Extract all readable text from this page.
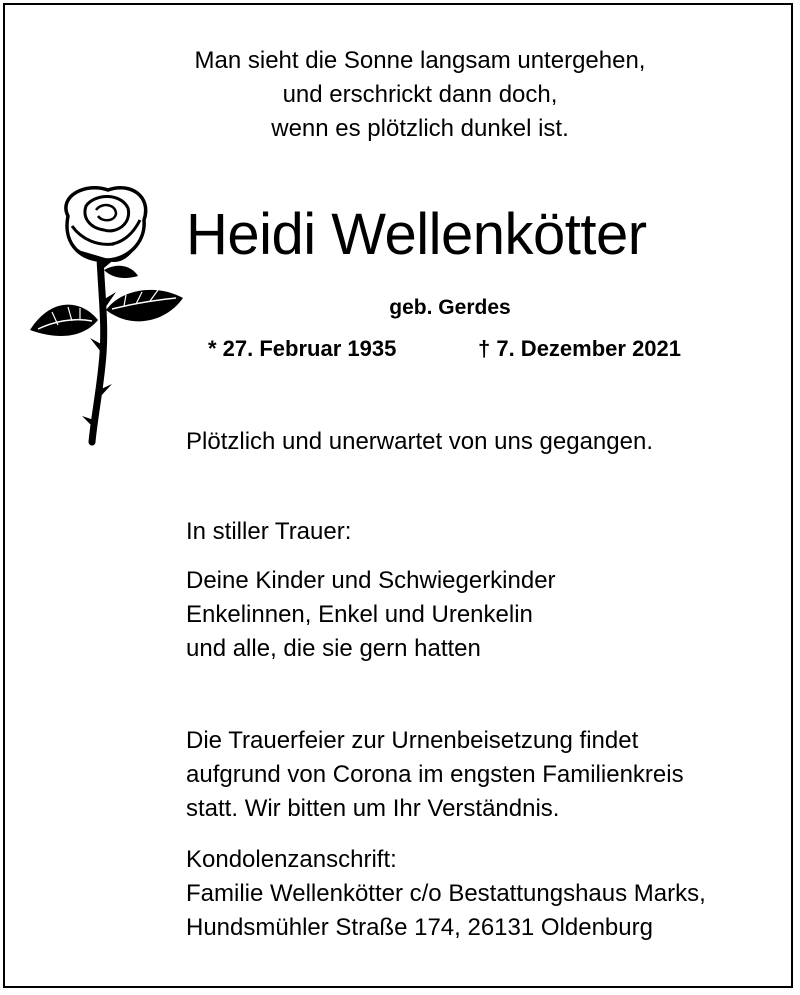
Man sieht die Sonne langsam untergehen,
und erschrickt dann doch,
wenn es plötzlich dunkel ist.
Heidi Wellenkötter
geb. Gerdes
* 27. Februar 1935	† 7. Dezember 2021
Plötzlich und unerwartet von uns gegangen.
In stiller Trauer:
Deine Kinder und Schwiegerkinder
Enkelinnen, Enkel und Urenkelin
und alle, die sie gern hatten
Die Trauerfeier zur Urnenbeisetzung findet
aufgrund von Corona im engsten Familienkreis
statt. Wir bitten um Ihr Verständnis.
Kondolenzanschrift:
Familie Wellenkötter c/o Bestattungshaus Marks,
Hundsmühler Straße 174, 26131 Oldenburg
